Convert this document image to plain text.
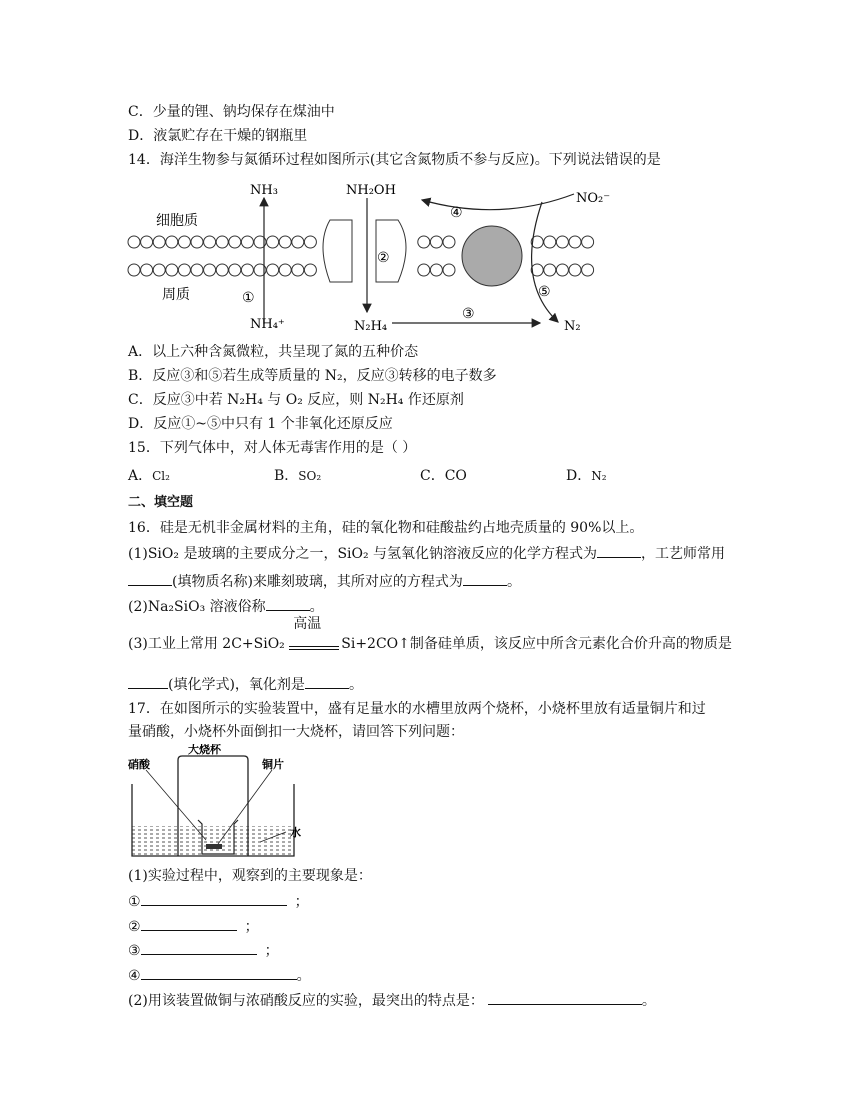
C．少量的锂、钠均保存在煤油中
D．液氯贮存在干燥的钢瓶里
14．海洋生物参与氮循环过程如图所示(其它含氮物质不参与反应)。下列说法错误的是
细胞质
周质
NH₃	NH₂OH
NO₂⁻
NH₄⁺	N₂H₄	N₂
①
②
③
④
⑤
A．以上六种含氮微粒，共呈现了氮的五种价态
B．反应③和⑤若生成等质量的 N₂，反应③转移的电子数多
C．反应③中若 N₂H₄ 与 O₂ 反应，则 N₂H₄ 作还原剂
D．反应①~⑤中只有 1 个非氧化还原反应
15．下列气体中，对人体无毒害作用的是（ ）
A．Cl₂	B．SO₂	C．CO	D．N₂
二、填空题
16．硅是无机非金属材料的主角，硅的氧化物和硅酸盐约占地壳质量的 90%以上。
(1)SiO₂ 是玻璃的主要成分之一，SiO₂ 与氢氧化钠溶液反应的化学方程式为	，工艺师常用
(填物质名称)来雕刻玻璃，其所对应的方程式为	。
(2)Na₂SiO₃ 溶液俗称	。
(3)工业上常用 2C+SiO₂
高温
Si+2CO↑制备硅单质，该反应中所含元素化合价升高的物质是
(填化学式)，氧化剂是	。
17．在如图所示的实验装置中，盛有足量水的水槽里放两个烧杯，小烧杯里放有适量铜片和过
量硝酸，小烧杯外面倒扣一大烧杯，请回答下列问题：
大烧杯
硝酸	铜片
水
(1)实验过程中，观察到的主要现象是：
①	；
②	；
③	；
④	。
(2)用该装置做铜与浓硝酸反应的实验，最突出的特点是：	。
